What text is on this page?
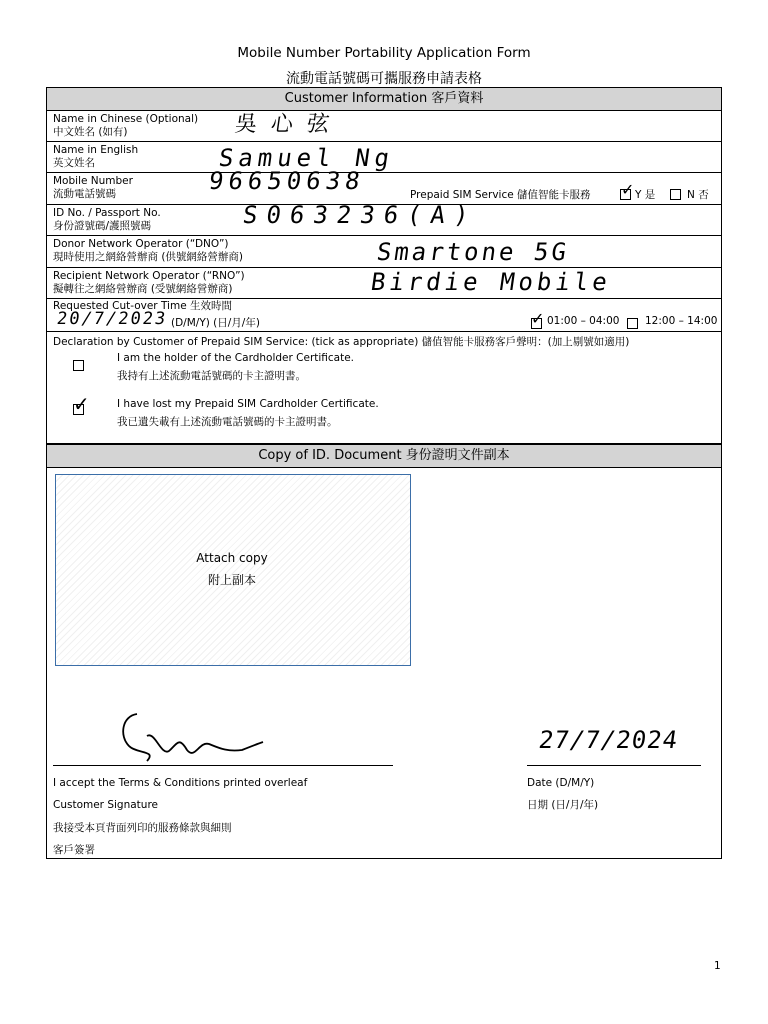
Mobile Number Portability Application Form
流動電話號碼可攜服務申請表格
Customer Information 客戶資料
Name in Chinese (Optional)
中文姓名 (如有)	吳心弦
Name in English
英文姓名	Samuel Ng
Mobile Number
流動電話號碼	96650638	Prepaid SIM Service 儲值智能卡服務 ✓ Y 是	N 否
ID No. / Passport No.
身份證號碼/護照號碼	S063236(A)
Donor Network Operator (“DNO”)
現時使用之網絡營辦商 (供號網絡營辦商)	Smartone 5G
Recipient Network Operator (“RNO”)
擬轉往之網絡營辦商 (受號網絡營辦商)	Birdie Mobile
Requested Cut-over Time 生效時間
20/7/2023 (D/M/Y) (日/月/年)	✓ 01:00 – 04:00 12:00 – 14:00
Declaration by Customer of Prepaid SIM Service: (tick as appropriate) 儲值智能卡服務客戶聲明：(加上剔號如適用)
I am the holder of the Cardholder Certificate.
我持有上述流動電話號碼的卡主證明書。
✓	I have lost my Prepaid SIM Cardholder Certificate.
我已遺失載有上述流動電話號碼的卡主證明書。
Copy of ID. Document 身份證明文件副本
Attach copy
附上副本
27/7/2024
I accept the Terms & Conditions printed overleaf
Customer Signature
我接受本頁背面列印的服務條款與細則
客戶簽署
Date (D/M/Y)
日期 (日/月/年)
1
